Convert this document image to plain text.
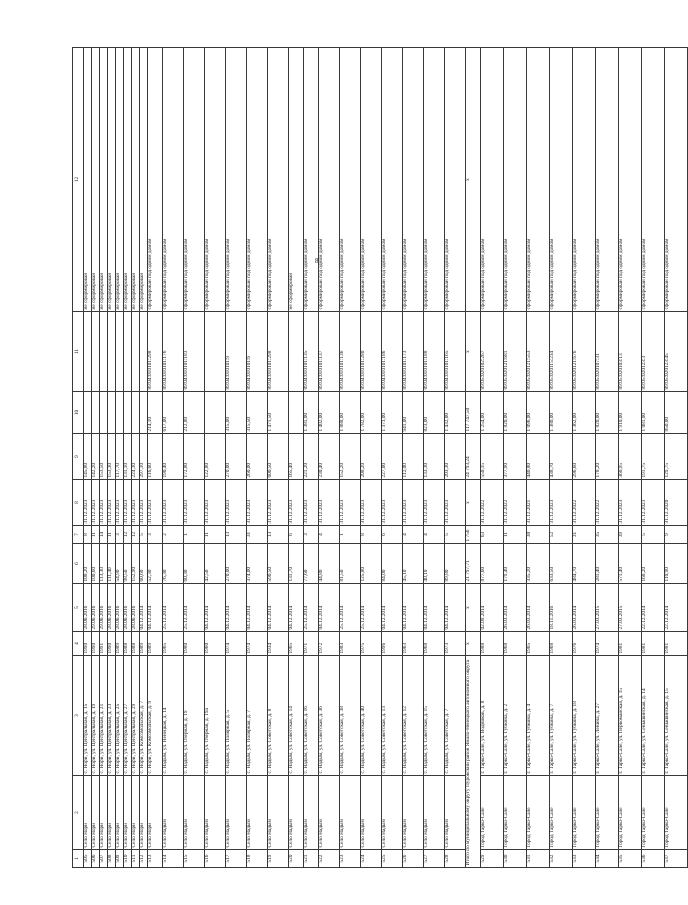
8
1	2	3	4	5	6	7	8	9	10	11	12
505	Село Нори	с. Нори, ул. Центральная, д. 15	1990	28.06.2016	108,20	8	31.12.2023	145,80			не сформирован
506	Село Нори	с. Нори, ул. Центральная, д. 19	1990	29.06.2016	100,60	11	31.12.2023	142,20			не сформирован
507	Село Нори	с. Нори, ул. Центральная, д. 21	1991	29.06.2016	113,30	14	31.12.2023	153,50			не сформирован
508	Село Нори	с. Нори, ул. Центральная, д. 23	1990	28.06.2016	111,40	11	31.12.2023	153,30			не сформирован
509	Село Нори	с. Нори, ул. Центральная, д. 25	1989	28.06.2016	54,90	3	31.12.2023	117,70			не сформирован
510	Село Нори	с. Нори, ул. Центральная, д. 27	1988	28.06.2016	98,50	12	31.12.2023	131,10			не сформирован
511	Село Нори	с. Нори, ул. Центральная, д. 29	1988	28.06.2016	152,90	12	31.12.2023	224,30			не сформирован
512	Село Нори	с. Нори, ул. Комсомольская, д. 7	1989	04.12.2014	60,60	5	31.12.2023	297,10			не сформирован
513	Село Нори	с. Нори, ул. Комсомольская, д. 9	1989	04.12.2014	52,30	3	31.12.2023	116,60	214,10	89:04:010101:298	сформирован под одним домом
514	Село Надым	с. Надым, ул. Ненецкая, д. 14	1965	25.12.2014	76,30	2	31.12.2023	190,40	617,00	89:04:010101:176	сформирован под одним домом
515	Село Надым	с. Надым, ул. Озерная, д. 19	1980	25.12.2014	60,30	1	31.12.2023	172,80	212,80	89:04:010101:183	сформирован под одним домом
516	Село Надым	с. Надым, ул. Озерная, д. 19а	1960	04.12.2014	42,50	11	31.12.2023	122,80			сформирован под одним домом
517	Село Надым	с. Надым, ул. Полярная, д. 5	1974	04.12.2014	270,00	13	31.12.2023	270,00	315,00	89:04:010101:9	сформирован под одним домом
518	Село Надым	с. Надым, ул. Полярная, д. 7	1974	04.12.2014	374,00	31	31.12.2023	260,00	315,50	89:04:010101:6	сформирован под одним домом
519	Село Надым	с. Надым, ул. Советская, д. 8	1934	04.12.2014	590,50	13	31.12.2023	600,50	1 471,50	89:04:010101:298	сформирован под одним домом
520	Село Надым	с. Надым, ул. Советская, д. 14	1965	04.12.2014	131,70	6	31.12.2023	165,40			не сформирован
521	Село Надым	с. Надым, ул. Советская, д. 16	1971	25.12.2014	77,60	3	31.12.2023	221,20	1 381,00	89:04:010101:135	сформирован под одним домом
522	Село Надым	с. Надым, ул. Советская, д. 36	1972	04.12.2014	44,80	4	31.12.2023	230,40	1 402,00	89:04:010101:137	сформирован под одним домом
523	Село Надым	с. Надым, ул. Советская, д. 38	1983	25.12.2014	81,50	1	31.12.2023	152,20	1 888,00	89:04:010101:136	сформирован под одним домом
524	Село Надым	с. Надым, ул. Советская, д. 40	1975	25.12.2014	125,80	8	31.12.2023	208,20	1 782,00	89:04:010101:280	сформирован под одним домом
525	Село Надым	с. Надым, ул. Советская, д. 13	1996	04.12.2014	84,00	6	31.12.2023	227,00	1 373,00	89:04:010101:186	сформирован под одним домом
526	Село Надым	с. Надым, ул. Советская, д. 12	1963	04.12.2014	45,10	4	31.12.2023	112,00	941,00	89:04:010101:173	сформирован под одним домом
527	Село Надым	с. Надым, ул. Советская, д. 15	1968	04.12.2014	40,10	4	31.12.2023	133,30	823,00	89:04:010101:188	сформирован под одним домом
528	Село Надым	с. Надым, ул. Советская, д. 7	1973	04.12.2014	89,80	5	31.12.2023	203,30	1 432,00	89:04:010101:165	сформирован под одним домом
Итого по муниципальному округу Пуровский район Ямало-Ненецкого автономного округа			х	х	21 797,71	1 756	х	24 793,24	117 747,50	х	х
529	Город Тарко-Сале	г. Тарко-Сале, ул. Водников, д. 8	1988	02.09.2014	877,60	63	31.12.2022	550,15	1 254,00	89:05:020102:267	сформирован под одним домом
530	Город Тарко-Сале	г. Тарко-Сале, ул. Губкина, д. 2	1968	26.03.2014	179,40	11	31.12.2022	377,90	1 820,00	89:05:020121:681	сформирован под одним домом
531	Город Тарко-Сале	г. Тарко-Сале, ул. Губкина, д. 4	1965	26.03.2014	335,20	30	31.12.2021	440,80	1 096,00	89:05:020121:553	сформирован под одним домом
532	Город Тарко-Сале	г. Тарко-Сале, ул. Губкина, д. 7	1968	18.11.2016	633,50	52	31.12.2023	438,70	1 380,00	89:05:020115:234	сформирован под одним домом
533	Город Тарко-Сале	г. Тарко-Сале, ул. Губкина, д. 18	1976	26.03.2014	484,70	31	31.12.2022	296,60	1 362,00	89:05:020121:676	сформирован под одним домом
534	Город Тарко-Сале	г. Тарко-Сале, ул. Ленина, д. 27	1974	27.03.2015	281,40	35	31.12.2022	178,20	1 820,00	89:05:020107:31	сформирован под одним домом
535	Город Тарко-Сале	г. Тарко-Сале, ул. Первомайская, д. 15	1981	27.03.2015	571,40	39	31.12.2023	360,95	1 910,00	89:05:020103:13	сформирован под одним домом
536	Город Тарко-Сале	г. Тарко-Сале, ул. Сеньквинская, д. 14	1981	22.12.2014	168,20	5	31.12.2023	191,75	1 081,00	89:05:020123:3	сформирован под одним домом
537	Город Тарко-Сале	г. Тарко-Сале, ул. Сеньквинская, д. 15	1981	22.12.2014	110,90	9	31.12.2020	129,75	850,00	89:05:020123:45	сформирован под одним домом
